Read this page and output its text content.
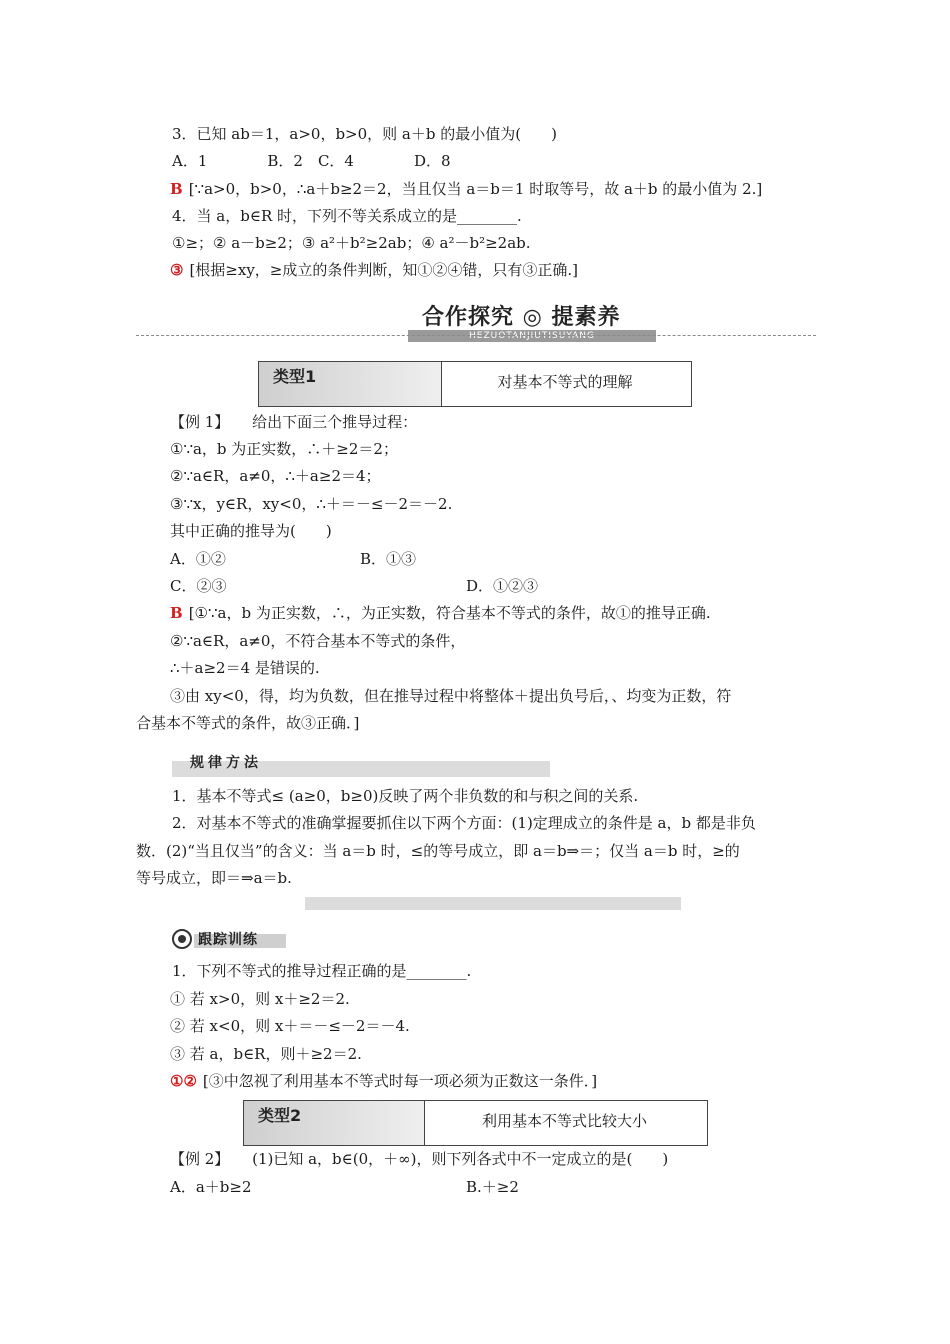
3．已知 ab＝1，a>0，b>0，则 a＋b 的最小值为(　　)
A．1　　　　B．2　C．4　　　　D．8
B [∵a>0，b>0，∴a＋b≥2＝2，当且仅当 a＝b＝1 时取等号，故 a＋b 的最小值为 2.]
4．当 a，b∈R 时，下列不等关系成立的是________.
①≥；② a－b≥2；③ a²＋b²≥2ab；④ a²－b²≥2ab.
③ [根据≥xy，≥成立的条件判断，知①②④错，只有③正确.]
合作探究 ◎ 提素养
HEZUOTANJIUTISUYANG
类型1	对基本不等式的理解
【例 1】 给出下面三个推导过程：
①∵a，b 为正实数，∴＋≥2＝2；
②∵a∈R，a≠0，∴＋a≥2＝4；
③∵x，y∈R，xy<0，∴＋＝－≤－2＝－2.
其中正确的推导为(　　)
A．①②	B．①③
C．②③	D．①②③
B [①∵a，b 为正实数，∴，为正实数，符合基本不等式的条件，故①的推导正确.
②∵a∈R，a≠0，不符合基本不等式的条件，
∴＋a≥2＝4 是错误的.
③由 xy<0，得，均为负数，但在推导过程中将整体＋提出负号后，、均变为正数，符
合基本不等式的条件，故③正确．]
规律方法
1．基本不等式≤ (a≥0，b≥0)反映了两个非负数的和与积之间的关系.
2．对基本不等式的准确掌握要抓住以下两个方面：(1)定理成立的条件是 a，b 都是非负
数．(2)“当且仅当”的含义：当 a＝b 时，≤的等号成立，即 a＝b⇒＝；仅当 a＝b 时，≥的
等号成立，即＝⇒a＝b.
跟踪训练
1．下列不等式的推导过程正确的是________.
① 若 x>0，则 x＋≥2＝2.
② 若 x<0，则 x＋＝－≤－2＝－4.
③ 若 a，b∈R，则＋≥2＝2.
①② [③中忽视了利用基本不等式时每一项必须为正数这一条件．]
类型2	利用基本不等式比较大小
【例 2】 (1)已知 a，b∈(0，＋∞)，则下列各式中不一定成立的是(　　)
A．a＋b≥2	B.＋≥2
